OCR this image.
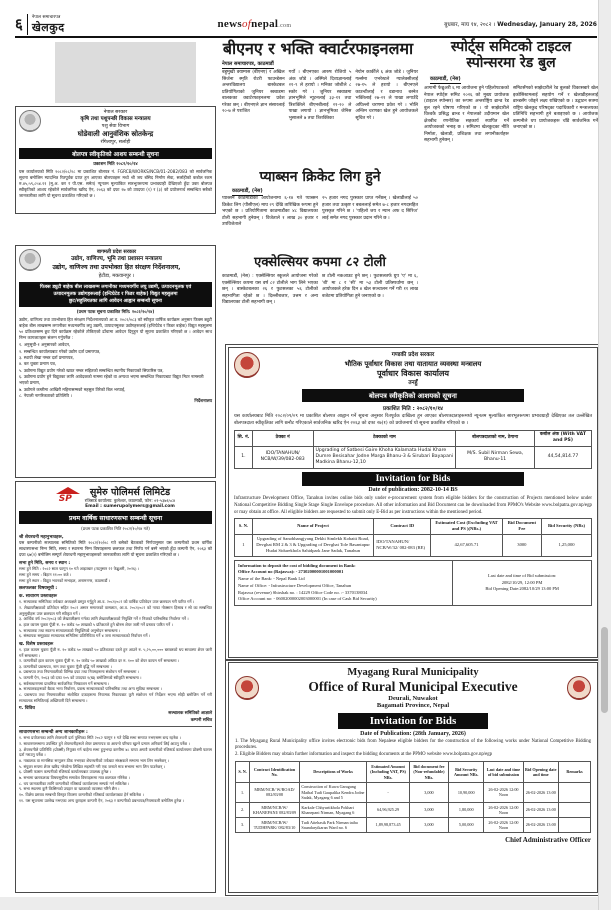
६ नेपाल समाचारपत्र
खेलकुद	newsofnepal.com	बुधबार, माघ १४, २०८२ । Wednesday, January 28, 2026
नेपाल सरकार
कृषि तथा पशुपन्छी विकास मन्त्रालय
पशु सेवा विभाग
घोडेवाली आनुवंशिक स्रोतकेन्द्र
रंगिलापुर, सर्लाही
बोलपत्र स्वीकृतिको आशय सम्बन्धी सूचना
प्रकाशन मिति २०८२/१०/१४
यस कार्यालयको मिति २०८२/०८/२८ मा प्रकाशित बोलपत्र नं. FGRCB/WORKS/NCB/01-2082/083 को सार्वजनिक सूचना बमोजिम म्यादभित्र रितपूर्वक प्राप्त हुन आएका बोलपत्रहरू मध्ये श्री जय बंसिद निर्माण सेवा, सर्लाहीको कबोल रकम रु.४५,५९,८५४.११ (मू.अ. कर र पी.एस. समेत) न्यूनतम मूल्यांकित सारभूतरूपमा प्रभावग्राही देखिएको हुँदा उक्त बोलपत्र स्वीकृतिको आशय रहेकोले सार्वजनिक खरिद ऐन, २०६३ को दफा २७ को उपदफा (१) र (३) को प्रयोजनार्थ सम्बन्धित सबैको जानकारीका लागि यो सूचना प्रकाशित गरिएको छ ।
बागमती प्रदेश सरकार
उद्योग, वाणिज्य, भूमि तथा प्रशासन मन्त्रालय
उद्योग, वाणिज्य तथा उपभोक्ता हित संरक्षण निर्देशनालय,
हेटौडा, मकवानपुर ।
फिक्स ड्युटी बाहेक बीस लाखसम्म लगानीका मध्यमवर्गीय लघु उद्यमी, उत्पादनमूलक एवं
उत्पादनमूलक उद्योगहरूलाई (इन्टिग्रेटेड र फिडर बाहेक) विद्युत महसुलमा
छुट/सहुलियतका लागि आवेदन आह्वान सम्बन्धी सूचना
(प्रथम पटक सूचना प्रकाशित मिति: २०८२/१०/१४)
उद्योग, वाणिज्य तथा उपभोक्ता हित संरक्षण निर्देशनालयको आ.व. २०८२/०८३ को स्वीकृत वार्षिक कार्यक्रम अनुसार फिक्स ड्युटी बाहेक बीस लाखसम्म लगानीका मध्यमवर्गीय लघु उद्यमी, उत्पादनमूलक उद्योगहरूलाई (इन्टिग्रेटेड र फिडर बाहेक) विद्युत महसुलमा ५० प्रतिशतसम्म छुट दिने कार्यक्रम रहेकोले तोकिएको ढाँचामा आवेदन दिनुहुन यो सूचना प्रकाशित गरिएको छ । आवेदन साथ निम्न कागजातहरू संलग्न गर्नुपर्नेछ :
१. अनुसूची-१ अनुसारको आवेदन,
२. सम्बन्धित कार्यालयबाट गरेको उद्योग दर्ता प्रमाणपत्र,
३. स्थायी लेखा नम्बर दर्ता प्रमाणपत्र,
४. कर चुक्ता प्रमाण पत्र,
५. उद्योगमा विद्युत प्रयोग गरेको खपत नम्बर सहितको सम्बन्धित स्थानीय निकायको सिफारिस पत्र,
६. उद्योगमा प्रयोग हुने विद्युतका लागि आवेदकको नाममा रहेको वा अन्यथा भएमा सम्बन्धित निकायबाट विद्युत मिटर नामसारी भएको प्रमाण,
७. उद्योगले कम्तीमा आखिरी महिनासम्मको महसुल तिरेको बिल भरपाई,
८. नेपाली नागरिकताको प्रतिलिपि ।
निर्देशनालय
SP
सुमेरु पोलिमर्स लिमिटेड
रजिस्टर्ड कार्यालय: कुलेश्वर, काठमाडौं, फोन: ०१-५३७६५८४
Email : sumerupolymers@gmail.com
प्रथम वार्षिक साधारणसभा सम्बन्धी सूचना
(प्रथम पटक प्रकाशित मिति २०८२/१०/१४ गते)
श्री शेयरधनी महानुभावहरू,
यस कम्पनीको सञ्चालक समितिको मिति २०८२/१०/०८ गते बसेको बैठकको निर्णयानुसार यस कम्पनीको प्रथम वार्षिक साधारणसभा निम्न मिति, समय र स्थानमा निम्न विषयहरूमा छलफल तथा निर्णय गर्न बस्ने भएको हुँदा कम्पनी ऐन, २०६३ को दफा ६७(२) बमोजिम सम्पूर्ण शेयरधनी महानुभावहरूको जानकारीका लागि यो सूचना प्रकाशित गरिएको छ ।
सभा हुने मिति, समय र स्थान :
सभा हुने मिति : २०८२ साल फागुन १० गते आइतबार (तदनुसार २२ फेब्रुअरी, २०२६) ।
सभा हुने समय : बिहान ११:०० बजे ।
सभा हुने स्थान : विद्युत भवनको सभाहल, अनामनगर, काठमाडौं ।
छलफलका विषयसूची :
क. साधारण प्रस्तावहरू
१. सञ्चालक समितिका तर्फबाट अध्यक्षले प्रस्तुत गर्नुहुने आ.व. २०८१/०८२ को वार्षिक प्रतिवेदन उपर छलफल गरी पारित गर्ने ।
२. लेखापरीक्षकको प्रतिवेदन सहित २०८२ असार मसान्तको वासलात, आ.व. २०८१/०८२ को नाफा नोक्सान हिसाब र सो का सम्बन्धित अनुसूचीहरू उपर छलफल गरी स्वीकृत गर्ने ।
३. आर्थिक वर्ष २०८२/०८३ को लेखापरीक्षण गर्नका लागि लेखापरीक्षकको नियुक्ति गर्ने र निजको पारिश्रमिक निर्धारण गर्ने ।
४. हाल कायम चुक्ता पूँजी रु. १० करोड ५० लाखको ५ प्रतिशतले हुने बोनस शेयर जारी गर्ने प्रस्ताव पारित गर्ने ।
५. सञ्चालक तथा स्वतन्त्र सञ्चालकको नियुक्तिको अनुमोदन सम्बन्धमा ।
६. संस्थापक समूहबाट सञ्चालक समितिमा प्रतिनिधित्व गर्ने ४ जना सञ्चालकको निर्वाचन गर्ने ।
ख. विशेष प्रस्तावहरू
१. हाल कायम चुक्ता पूँजी रु. १० करोड ५० लाखको ५० प्रतिशतका दरले हुन आउने रु. ५,२५,००,००० बराबरको थप साधारण शेयर जारी गर्ने सम्बन्धमा ।
२. कम्पनीको हाल कायम चुक्ता पूँजी रु. १० करोड ५० लाखको अंकित दर रु. १०० को शेयर कायम गर्ने सम्बन्धमा ।
३. कम्पनीको प्रबन्धपत्र, नाम तथा चुक्ता पूँजी वृद्धि गर्ने सम्बन्धमा ।
४. प्रबन्धपत्र तथा नियमावलीको विभिन्न दफा तथा नियमहरूमा संशोधन गर्ने सम्बन्धमा ।
५. कम्पनी ऐन, २०६३ को दफा १०५ को उपदफा १(ख) बमोजिमको स्वीकृति सम्बन्धमा ।
६. सर्वसाधारणमा प्राथमिक सार्वजनिक निष्काशन गर्ने सम्बन्धमा ।
७. सञ्चालकहरूको बैठक भत्ता निर्धारण, प्रबन्ध सञ्चालकको पारिश्रमिक तथा अन्य सुविधा सम्बन्धमा ।
८. प्रबन्धपत्र तथा नियमावलीका संशोधित दफाहरूमा नियामक निकायबाट कुनै संशोधन गर्न निर्देशन भएमा सोही बमोजिम गर्ने गरी सञ्चालक समितिलाई अख्तियारी दिने सम्बन्धमा ।
ग. विविध
सञ्चालक समितिको आज्ञाले
कम्पनी सचिव
साधारणसभा सम्बन्धी अन्य जानकारीहरू :
१. सभा प्रयोजनका लागि शेयरधनी दर्ता पुस्तिका मिति २०८२ फागुन १ गते देखि सभा समाप्त नभएसम्म बन्द रहनेछ ।
२. साधारणसभामा उपस्थित हुने शेयरधनीहरूले शेयर प्रमाणपत्र वा आफ्नो परिचय खुल्ने प्रमाण अनिवार्य लिई आउनु पर्नेछ ।
३. शेयरधनीले प्रतिनिधि (प्रोक्सी) नियुक्त गर्न चाहेमा सभा हुनुभन्दा कम्तीमा ४८ घण्टा अगावै कम्पनीको रजिस्टर्ड कार्यालयमा प्रोक्सी फाराम दर्ता गराउनु पर्नेछ ।
४. नाबालक वा मानसिक सन्तुलन ठीक नभएका शेयरधनीको तर्फबाट संरक्षकले सभामा भाग लिन सक्नेछन् ।
५. संयुक्त रूपमा शेयर खरिद गरेकोमा लिखित सहमति गरी एक जनाले मात्र सभामा भाग लिन पाउनेछन् ।
६. प्रोक्सी फाराम कम्पनीको रजिस्टर्ड कार्यालयबाट उपलब्ध हुनेछ ।
७. सभामा छलफलका विषयसूचीमा समावेश विषयहरूमा मात्र छलफल गरिनेछ ।
८. थप जानकारीका लागि कम्पनीको रजिस्टर्ड कार्यालयमा सम्पर्क गर्न सकिनेछ ।
९. सभा स्थलमा कुनै किसिमको उपहार वा खाजाको व्यवस्था गरिने छैन ।
१०. विशेष प्रस्ताव सम्बन्धी विस्तृत विवरण कम्पनीको रजिस्टर्ड कार्यालयबाट हेर्न सकिनेछ ।
११. यस सूचनामा उल्लेख नभएका अन्य कुराहरू कम्पनी ऐन, २०६३ र कम्पनीको प्रबन्धपत्र/नियमावली बमोजिम हुनेछ ।
बीएनए र भक्ति क्वार्टरफाइनलमा
नेपाल समाचारपत्र, काठमाडौं
बहुमुखी क्याम्पस (बीएनए) र अखिल सिर्जना स्मृति रोटरी फाउन्डेसन अन्तरविद्यालय बास्केटबल प्रतियोगिताको जुनियर स्क्वाडमा बालकका क्वार्टरफाइनलमा प्रवेश गरेका छन् । बीएनएले ज्ञान संसारलाई २०-७ ले पराजित
गर्यो । बीएनएका आरुष रोजियो ५ अंक जोडे । अस्मिले दिव्यज्ञानलाई २१-९ ले हरायो । मनिका जोशीले ८ स्कोर गरे । जुनियर स्क्वाडमा ज्ञानभूमिले न्यूटनलाई ३३-११ तथा त्रिशक्तिले बीएनबीलाई २१-२० ले पाखा लगायो । ज्ञानभूमिका जेनिस भुसालले ७ तथा त्रिशक्तिका
नेयोन कार्कीले ६ अंक जोडे । जुनियर गर्ल्समा एभरेस्टले ग्यालेक्सीलाई २७-१५ ले हरायो । बीएनएले काउन्टीलाई र वडानाथ बस्नेत भक्तिलाई २७-२१ ले पाखा लगाउँदै अघिल्लो चरणमा प्रवेश गरे । भोलि अन्तिम चरणका खेल हुने आयोजकले सूचित गरे ।
प्याब्सन क्रिकेट लिग हुने
काठमाडौं, (नेस)
प्याब्सन काठमाडौंको आयोजनामा ६-१४ गते प्याब्सन क्रिकेट लिग (पीसीएल) माघ २९ देखि तारिखिक रूपमा हुने भएको छ । प्रतियोगितामा काठमाडौंका ४८ विद्यालयका टोली सहभागी हुनेछन् । विजेताले १ लाख ३० हजार र उपविजेताले
२५ हजार नगद पुरस्कार प्राप्त गर्नेछन् । खेलाडीलाई ५० हजार तथा उत्कृष्ट र बबललाई समेत ७-८ हजार नगदसहित पुरस्कृत गरिने छ । 'पहिलो जय र म्यान अफ द सिरिज' लाई समेत नगद पुरस्कार प्रदान गरिने छ ।
एक्सेल्सियर कपमा ८२ टोली
काठमाडौं, (नेस) : एक्सेल्सियर स्कूलले आयोजना गरेको एक्सेल्सियर कपमा यस वर्ष ८२ टोलीले भाग लिने भएका छन् । बास्केटबलका २६ र फुटसलका ५६ टोलीको सहभागिता रहेको छ । दिल्लीबजार, उत्तम र अन्य विद्यालयका टोली सहभागी छन् ।
छ टोली नकआउट हुने छन् । फुटसलतर्फ ग्रुप 'ए' मा ६, 'बी' मा ८ र 'सी' मा ५३ टोली प्रतिस्पर्धामा छन् । आयोजकले हरेक दिन ४ खेल सञ्चालन गर्ने गरी ११ लाख बजेटमा प्रतियोगिता हुने जनाएको छ ।
स्पोर्ट्स समिटको टाइटल
स्पोन्सरमा रेड बुल
काठमाडौं, (नेस)
आगामी फेब्रुअरी ६ मा आयोजना हुने पहिलोपटकको नेपाल स्पोर्ट्स समिट २०२६ को मुख्य प्रायोजक (टाइटल स्पोन्सर) का रूपमा अन्तर्राष्ट्रिय ब्रान्ड रेड बुल रहने घोषणा गरिएको छ । यो साझेदारीले विश्वकै प्रसिद्ध ब्रान्ड र नेपालको उदीयमान खेल क्षेत्रबीच रणनीतिक सहकार्य स्थापित गर्ने आयोजकको भनाइ छ । समिटमा खेलकुदका नीति निर्माता, खेलाडी, प्रशिक्षक तथा लगानीकर्ताहरू सहभागी हुनेछन् ।
समिटसँगको साझेदारीले रेड बुलको विकासबारे खेल इकोसिस्टमलाई सहयोग गर्ने र खेलाडीहरूलाई ब्रान्डसँग जोड्ने लक्ष्य राखिएको छ । उद्घाटन सत्रमा राष्ट्रिय खेलकुद परिषद्का पदाधिकारी र मन्त्रालयका प्रतिनिधि सहभागी हुने बताइएको छ । आयोजक कम्पनीले थप प्रायोजकहरू चाँडै सार्वजनिक गर्ने जनाएको छ ।
गण्डकी प्रदेश सरकार
भौतिक पूर्वाधार विकास तथा यातायात व्यवस्था मन्त्रालय
पूर्वाधार विकास कार्यालय
तनहुँ
बोलपत्र स्वीकृतिको आशयको सूचना
प्रकाशित मिति : २०८२/१०/१४
यस कार्यालयबाट मिति २०८२/०९/०९ मा प्रकाशित बोलपत्र आह्वान गर्ने सूचना अनुसार रितपूर्वक दाखिला हुन आएका बोलपत्रदाताहरूमध्ये न्यूनतम मूल्यांकित सारभूतरूपमा प्रभावग्राही देखिएका तल उल्लेखित बोलपत्रदाता स्वीकृतिका लागि छनौट गरिएकाले सार्वजनिक खरिद ऐन २०६३ को दफा २७(१) को प्रयोजनार्थ यो सूचना प्रकाशित गरिएको छ ।
सि. नं.	ठेक्का नं	ठेक्काको नाम	बोलपत्रदाताको नाम, ठेगाना	कबोल अंक (With VAT and PS)
1.	IDO/TANAHUN/ NCB/W/39/082-083	Upgrading of Satbesi Gaire Khoha Kalamata Hudai Khare Dumre Besisahar Jodne Marga Bhanu-3 & Sirubari Bayapani Madkina Bhanu-12,10	M/S. Subil Nirman Sewa, Bhanu-11	44,54,814.77
Invitation for Bids
Date of publication: 2082-10-14 BS
Infrastructure Development Office, Tanahun invites online bids only under e-procurement system from eligible bidders for the construction of Projects mentioned below under National Competitive Bidding Single Stage Single Envelope procedure. All other information and Bid Document can be downloaded from PPMO's Website www.bolpatra.gov.np/egp or may obtain at office. All eligible bidders are requested to submit only E-Bid as per instructions within the mentioned period.
S. N.	Name of Project	Contract ID	Estimated Cost (Excluding VAT and PS )(NRs.)	Bid Document Fee	Bid Security (NRs)
1	Upgrading of Sanobhangjyang Dekhi Simlekh Kobaiti Road, Devghat RM 2 & 3 & Upgrading of Devghat Tole Basantapur Hudai Sidurekhola Sahidpark Jane Sadak, Tanahun	IDO/TANAHUN/ NCB/W/32/ 082-083 (RE)	42,67,605.71	3000	1,25,000
Information to deposit the cost of bidding document in Bank:
Office Account no (Rajaswa): - 27302000001001000001
Name of the Bank: - Nepal Bank Ltd
Name of Office: - Infrastructure Development Office, Tanahun
Rajaswa (revenue) Shirshak no. : 14229 Office Code no. :- 3370138034
Office Account no: - 06002000002003000001 (In case of Cash Bid Security)
Last date and time of Bid submission:
2082/10/29, 12:00 PM
Bid Opening Date:2082/10/29 13:00 PM
Myagang Rural Municipality
Office of Rural Municipal Executive
Deurali, Nuwakot
Bagamati Province, Nepal
Invitation for Bids
Date of Publication: (28th January, 2026)
1. The Myagang Rural Municipality office invites electronic bids from Nepalese eligible bidders for the construction of the following works under National Competitive Bidding procedures.
2. Eligible Bidders may obtain further information and inspect the bidding documents at the PPMO website www.bolpatra.gov.np/egp
S. N.	Contract Identification No.	Descriptions of Works	Estimated Amount (Including VAT, PS) NRs.	Bid document fee (Non-refundable) NRs.	Bid Security Amount NRs.	Last date and time of bid submission	Bid Opening date and time	Remarks
1.	MRM/NCB/ W/ROAD/ 082/83/08	Construction of Kuwa Garagang Maibal Tudi Gaupalika Kendra Jodne Sadak, Myagang 6 and 5	-	3,000	10,90,000	26-02-2026 12:00 Noon	26-02-2026 13:00	
2.	MRM/NCB/W/ KHANEPANI/ 082/83/09	Karkale Chhyurtikhola Pokhari Khanepani Nirman, Myagang 6	64,96,925.29	3,000	1,80,000	26-02-2026 12:00 Noon	26-02-2026 13:00	
3.	MRM/NCB/W/ TUDHPARK/ 082/83/10	Tudi Aitehasik Park Nirman tatha Saundaryikaran Ward no. 6	1,89,98,873.45	3,000	5,00,000	26-02-2026 12:00 Noon	26-02-2026 13:00	
Chief Administrative Officer
